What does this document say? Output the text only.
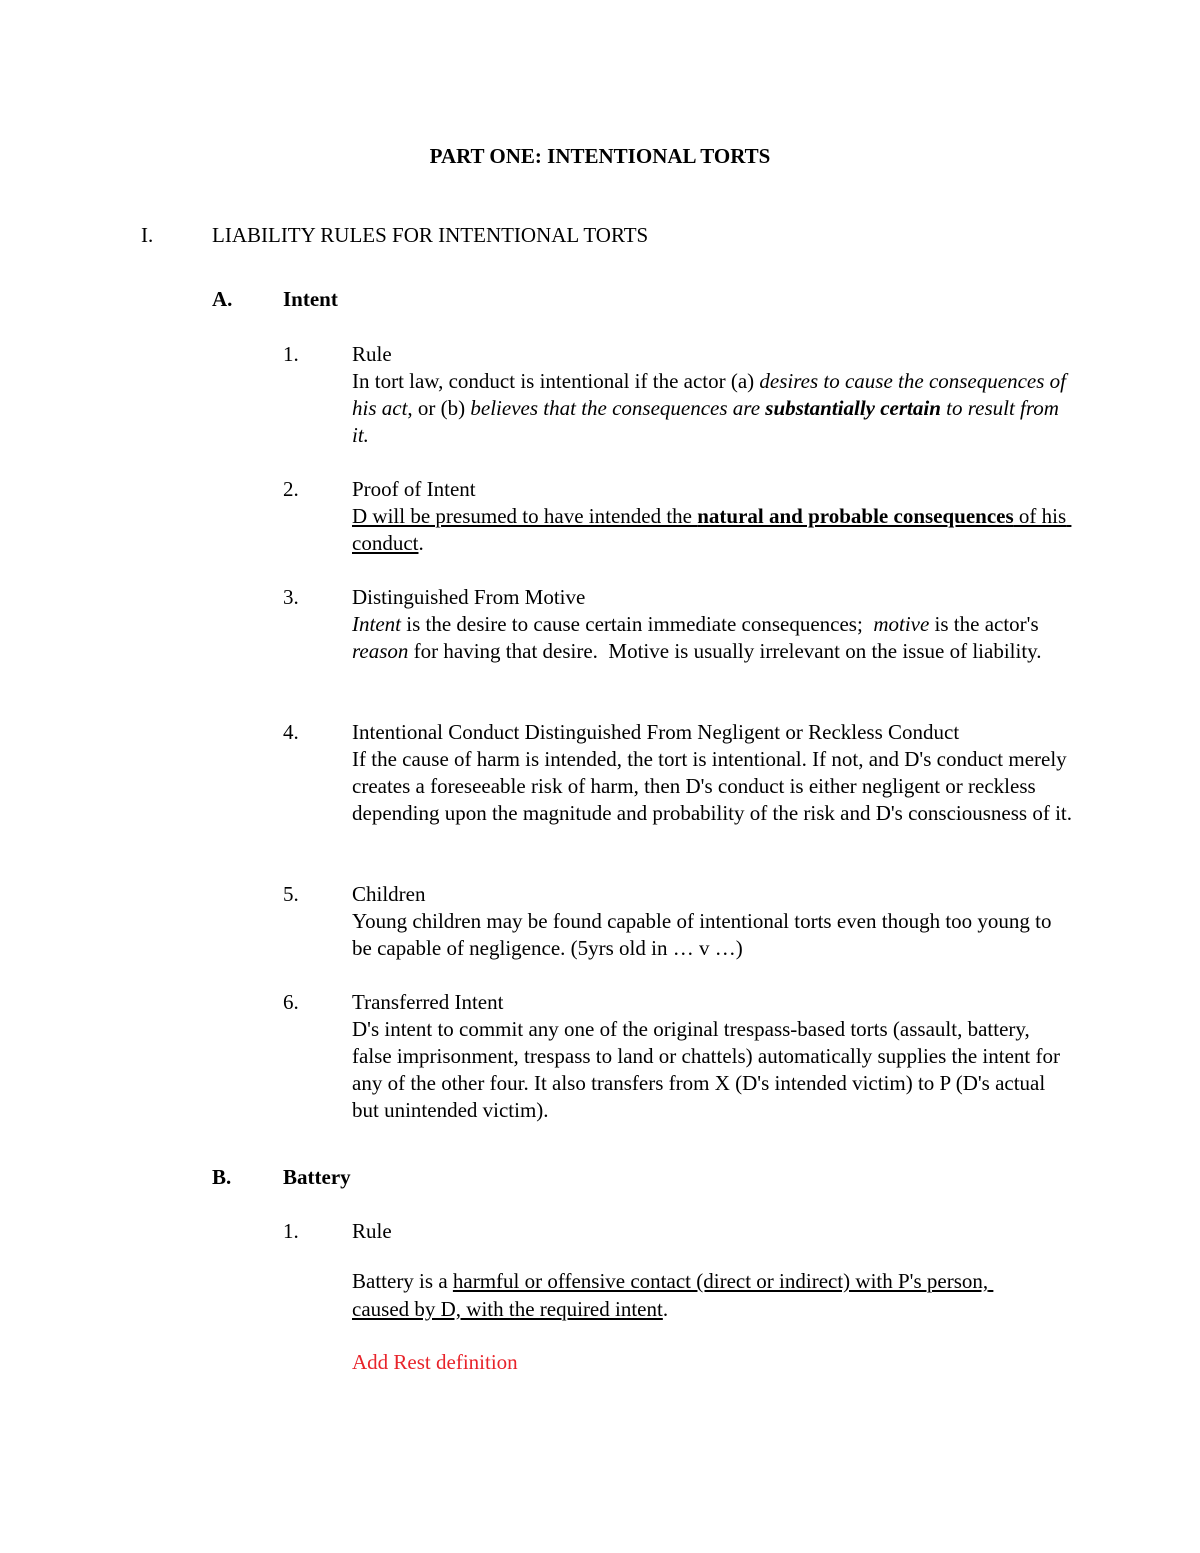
PART ONE: INTENTIONAL TORTS
I.	LIABILITY RULES FOR INTENTIONAL TORTS
A. Intent
1.	Rule
In tort law, conduct is intentional if the actor (a) desires to cause the consequences of his act, or (b) believes that the consequences are substantially certain to result from it.
2.	Proof of Intent
D will be presumed to have intended the natural and probable consequences of his conduct.
3.	Distinguished From Motive
Intent is the desire to cause certain immediate consequences;  motive is the actor's reason for having that desire.  Motive is usually irrelevant on the issue of liability.
4.	Intentional Conduct Distinguished From Negligent or Reckless Conduct
If the cause of harm is intended, the tort is intentional. If not, and D's conduct merely creates a foreseeable risk of harm, then D's conduct is either negligent or reckless depending upon the magnitude and probability of the risk and D's consciousness of it.
5.	Children
Young children may be found capable of intentional torts even though too young to be capable of negligence. (5yrs old in … v …)
6.	Transferred Intent
D's intent to commit any one of the original trespass-based torts (assault, battery, false imprisonment, trespass to land or chattels) automatically supplies the intent for any of the other four. It also transfers from X (D's intended victim) to P (D's actual but unintended victim).
B. Battery
1.	Rule
Battery is a harmful or offensive contact (direct or indirect) with P's person, caused by D, with the required intent.
Add Rest definition
